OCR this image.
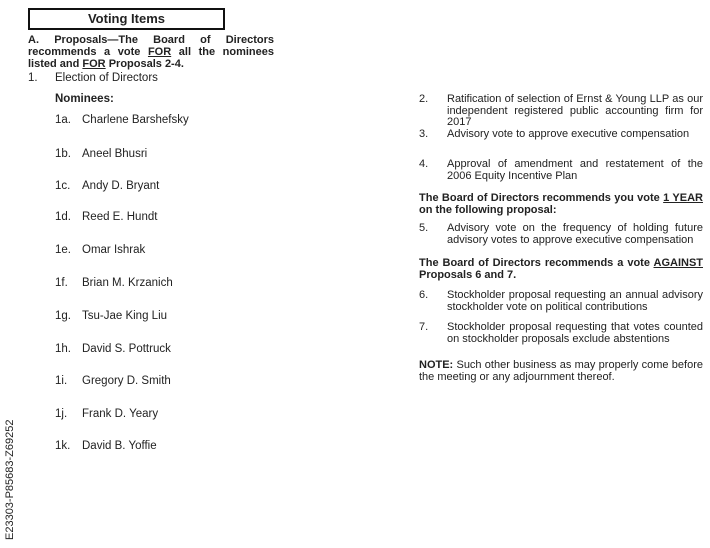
Voting Items
A. Proposals—The Board of Directors recommends a vote FOR all the nominees listed and FOR Proposals 2-4.
1. Election of Directors
Nominees:
1a. Charlene Barshefsky
1b. Aneel Bhusri
1c. Andy D. Bryant
1d. Reed E. Hundt
1e. Omar Ishrak
1f. Brian M. Krzanich
1g. Tsu-Jae King Liu
1h. David S. Pottruck
1i. Gregory D. Smith
1j. Frank D. Yeary
1k. David B. Yoffie
E23303-P85683-Z69252
2. Ratification of selection of Ernst & Young LLP as our independent registered public accounting firm for 2017
3. Advisory vote to approve executive compensation
4. Approval of amendment and restatement of the 2006 Equity Incentive Plan
The Board of Directors recommends you vote 1 YEAR on the following proposal:
5. Advisory vote on the frequency of holding future advisory votes to approve executive compensation
The Board of Directors recommends a vote AGAINST Proposals 6 and 7.
6. Stockholder proposal requesting an annual advisory stockholder vote on political contributions
7. Stockholder proposal requesting that votes counted on stockholder proposals exclude abstentions
NOTE: Such other business as may properly come before the meeting or any adjournment thereof.
